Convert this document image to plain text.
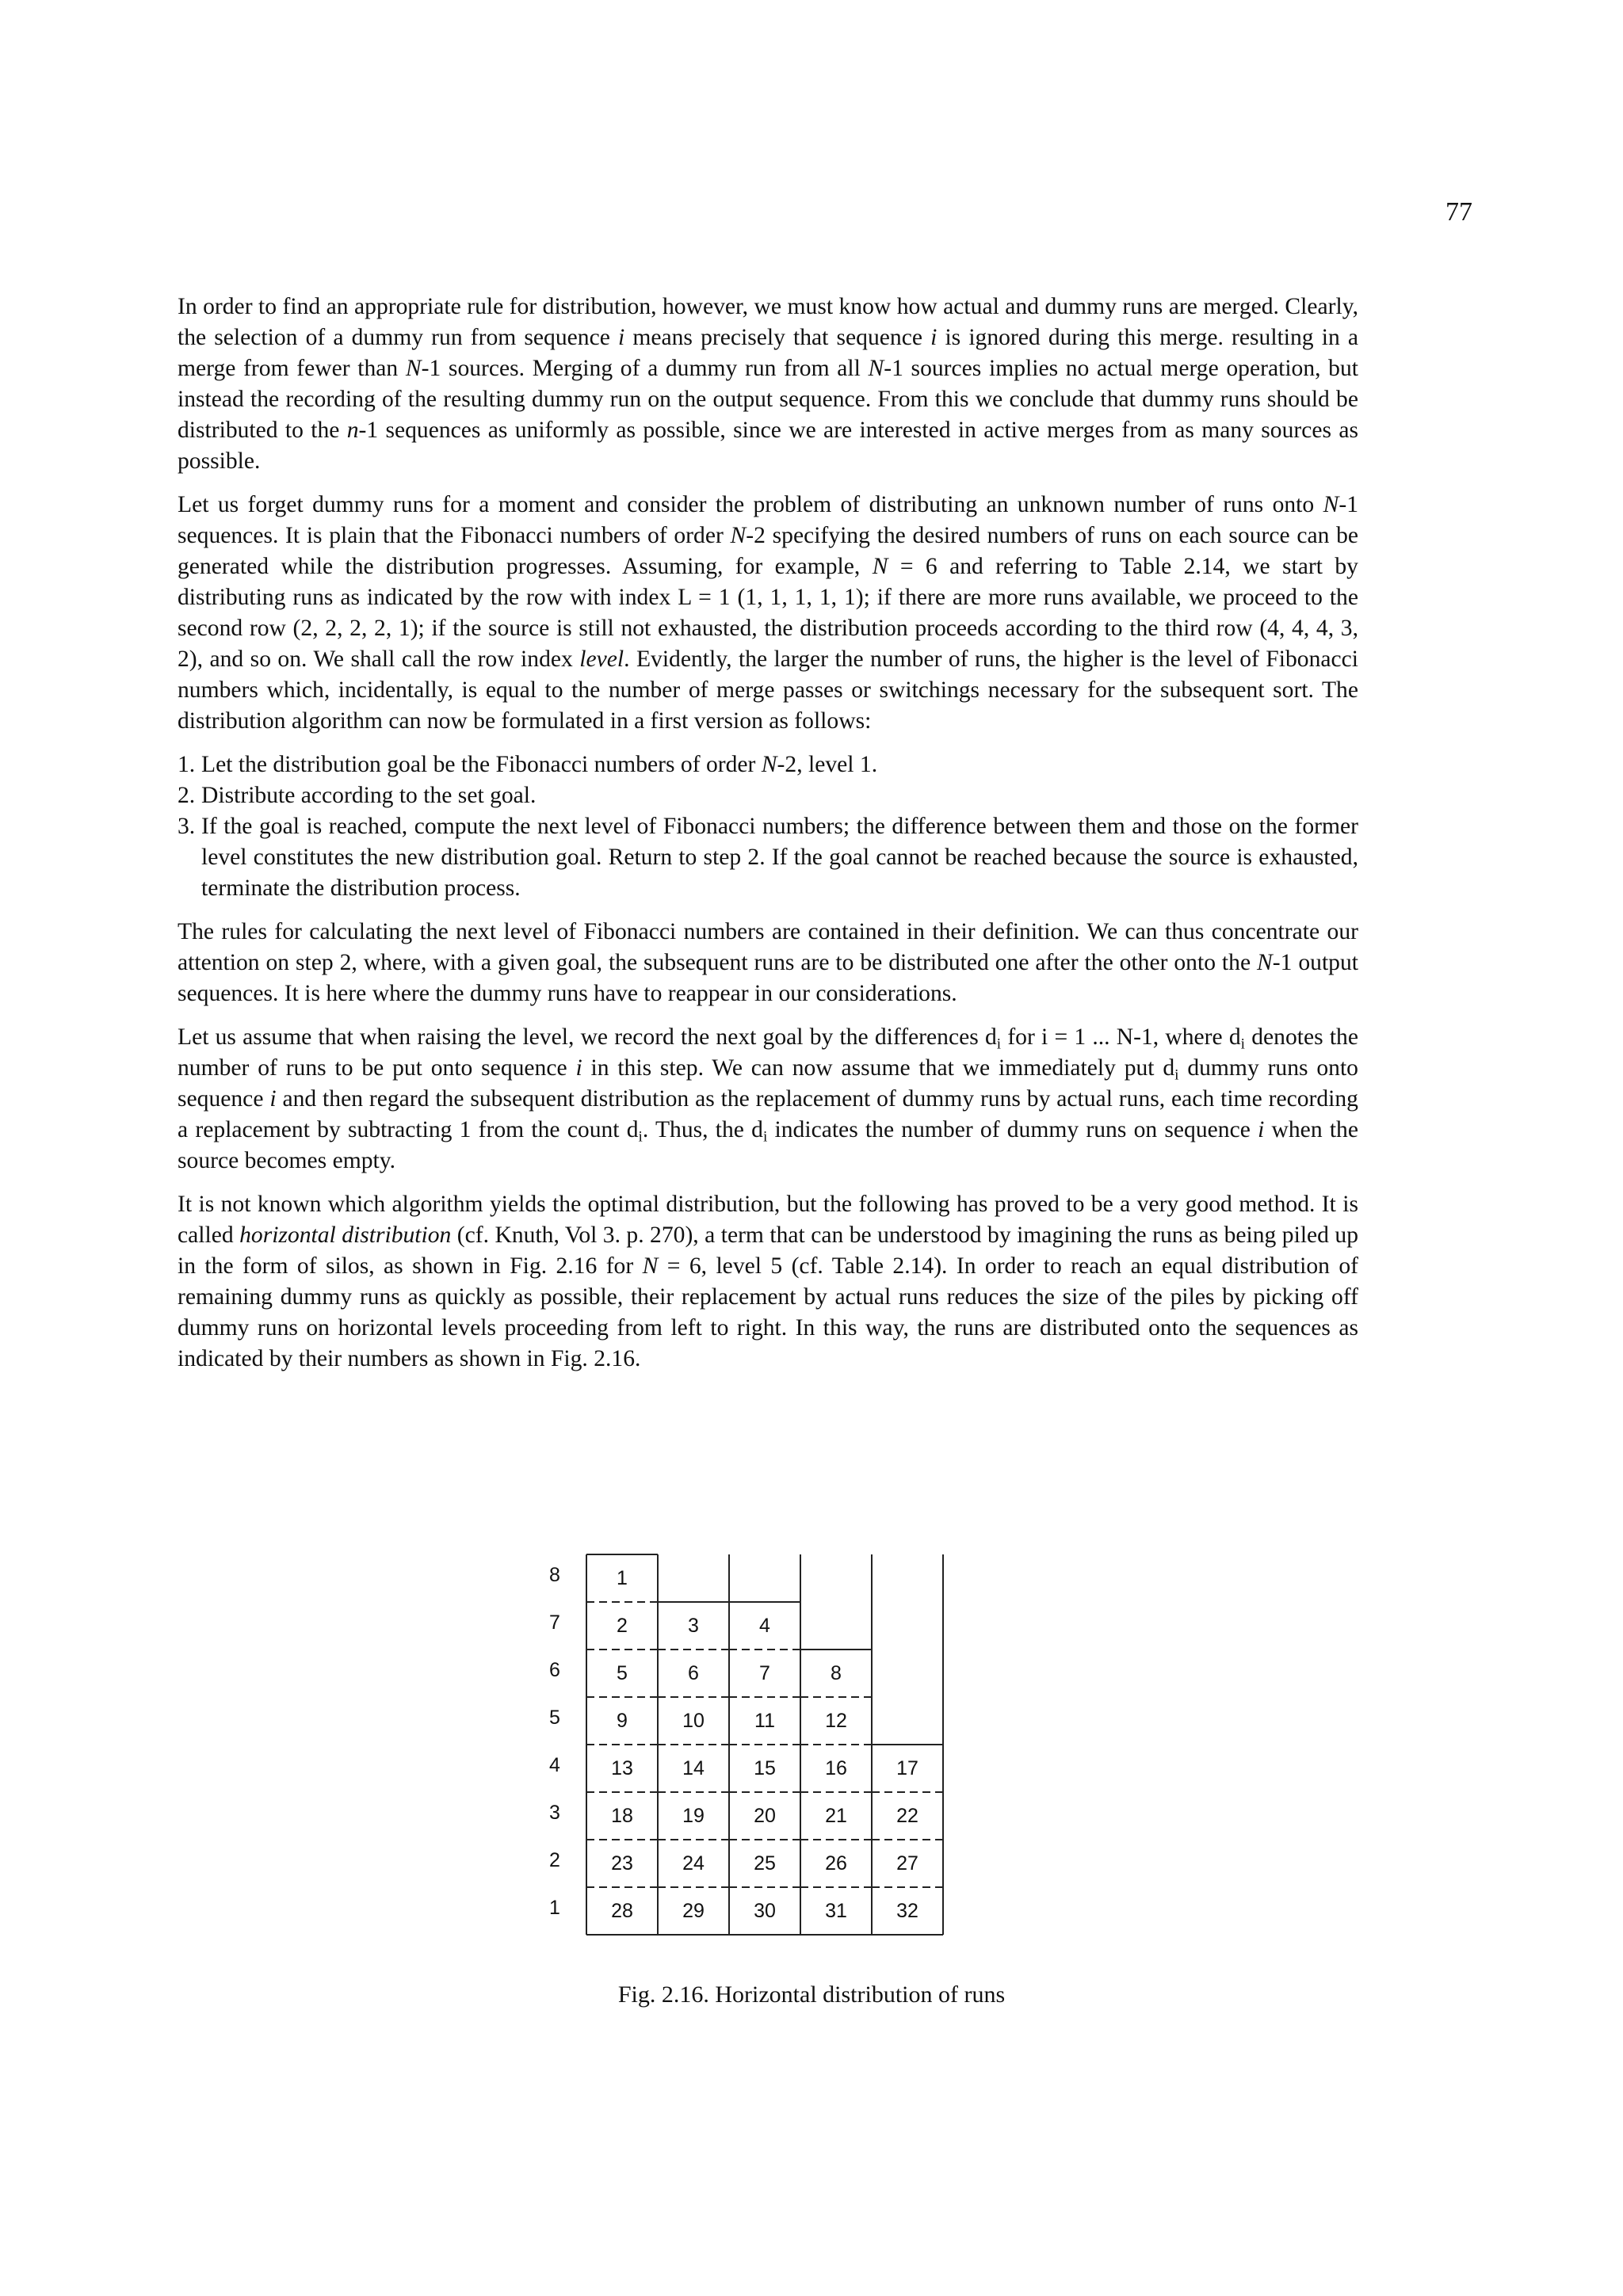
77

In order to find an appropriate rule for distribution, however, we must know how actual and dummy runs are merged. Clearly, the selection of a dummy run from sequence i means precisely that sequence i is ignored during this merge. resulting in a merge from fewer than N-1 sources. Merging of a dummy run from all N-1 sources implies no actual merge operation, but instead the recording of the resulting dummy run on the output sequence. From this we conclude that dummy runs should be distributed to the n-1 sequences as uniformly as possible, since we are interested in active merges from as many sources as possible.

Let us forget dummy runs for a moment and consider the problem of distributing an unknown number of runs onto N-1 sequences. It is plain that the Fibonacci numbers of order N-2 specifying the desired numbers of runs on each source can be generated while the distribution progresses. Assuming, for example, N = 6 and referring to Table 2.14, we start by distributing runs as indicated by the row with index L = 1 (1, 1, 1, 1, 1); if there are more runs available, we proceed to the second row (2, 2, 2, 2, 1); if the source is still not exhausted, the distribution proceeds according to the third row (4, 4, 4, 3, 2), and so on. We shall call the row index level. Evidently, the larger the number of runs, the higher is the level of Fibonacci numbers which, incidentally, is equal to the number of merge passes or switchings necessary for the subsequent sort. The distribution algorithm can now be formulated in a first version as follows:

1. Let the distribution goal be the Fibonacci numbers of order N-2, level 1.
2. Distribute according to the set goal.
3. If the goal is reached, compute the next level of Fibonacci numbers; the difference between them and those on the former level constitutes the new distribution goal. Return to step 2. If the goal cannot be reached because the source is exhausted, terminate the distribution process.

The rules for calculating the next level of Fibonacci numbers are contained in their definition. We can thus concentrate our attention on step 2, where, with a given goal, the subsequent runs are to be distributed one after the other onto the N-1 output sequences. It is here where the dummy runs have to reappear in our considerations.

Let us assume that when raising the level, we record the next goal by the differences $d_i$ for i = 1 ... N-1, where $d_i$ denotes the number of runs to be put onto sequence i in this step. We can now assume that we immediately put $d_i$ dummy runs onto sequence i and then regard the subsequent distribution as the replacement of dummy runs by actual runs, each time recording a replacement by subtracting 1 from the count $d_i$. Thus, the $d_i$ indicates the number of dummy runs on sequence i when the source becomes empty.

It is not known which algorithm yields the optimal distribution, but the following has proved to be a very good method. It is called horizontal distribution (cf. Knuth, Vol 3. p. 270), a term that can be understood by imagining the runs as being piled up in the form of silos, as shown in Fig. 2.16 for N = 6, level 5 (cf. Table 2.14). In order to reach an equal distribution of remaining dummy runs as quickly as possible, their replacement by actual runs reduces the size of the piles by picking off dummy runs on horizontal levels proceeding from left to right. In this way, the runs are distributed onto the sequences as indicated by their numbers as shown in Fig. 2.16.

1
2
5
9
13
18
23
28
3
6
10
14
19
24
29
4
7
11
15
20
25
30
8
12
16
21
26
31
17
22
27
32
1
2
3
4
5
6
7
8
Fig. 2.16. Horizontal distribution of runs
